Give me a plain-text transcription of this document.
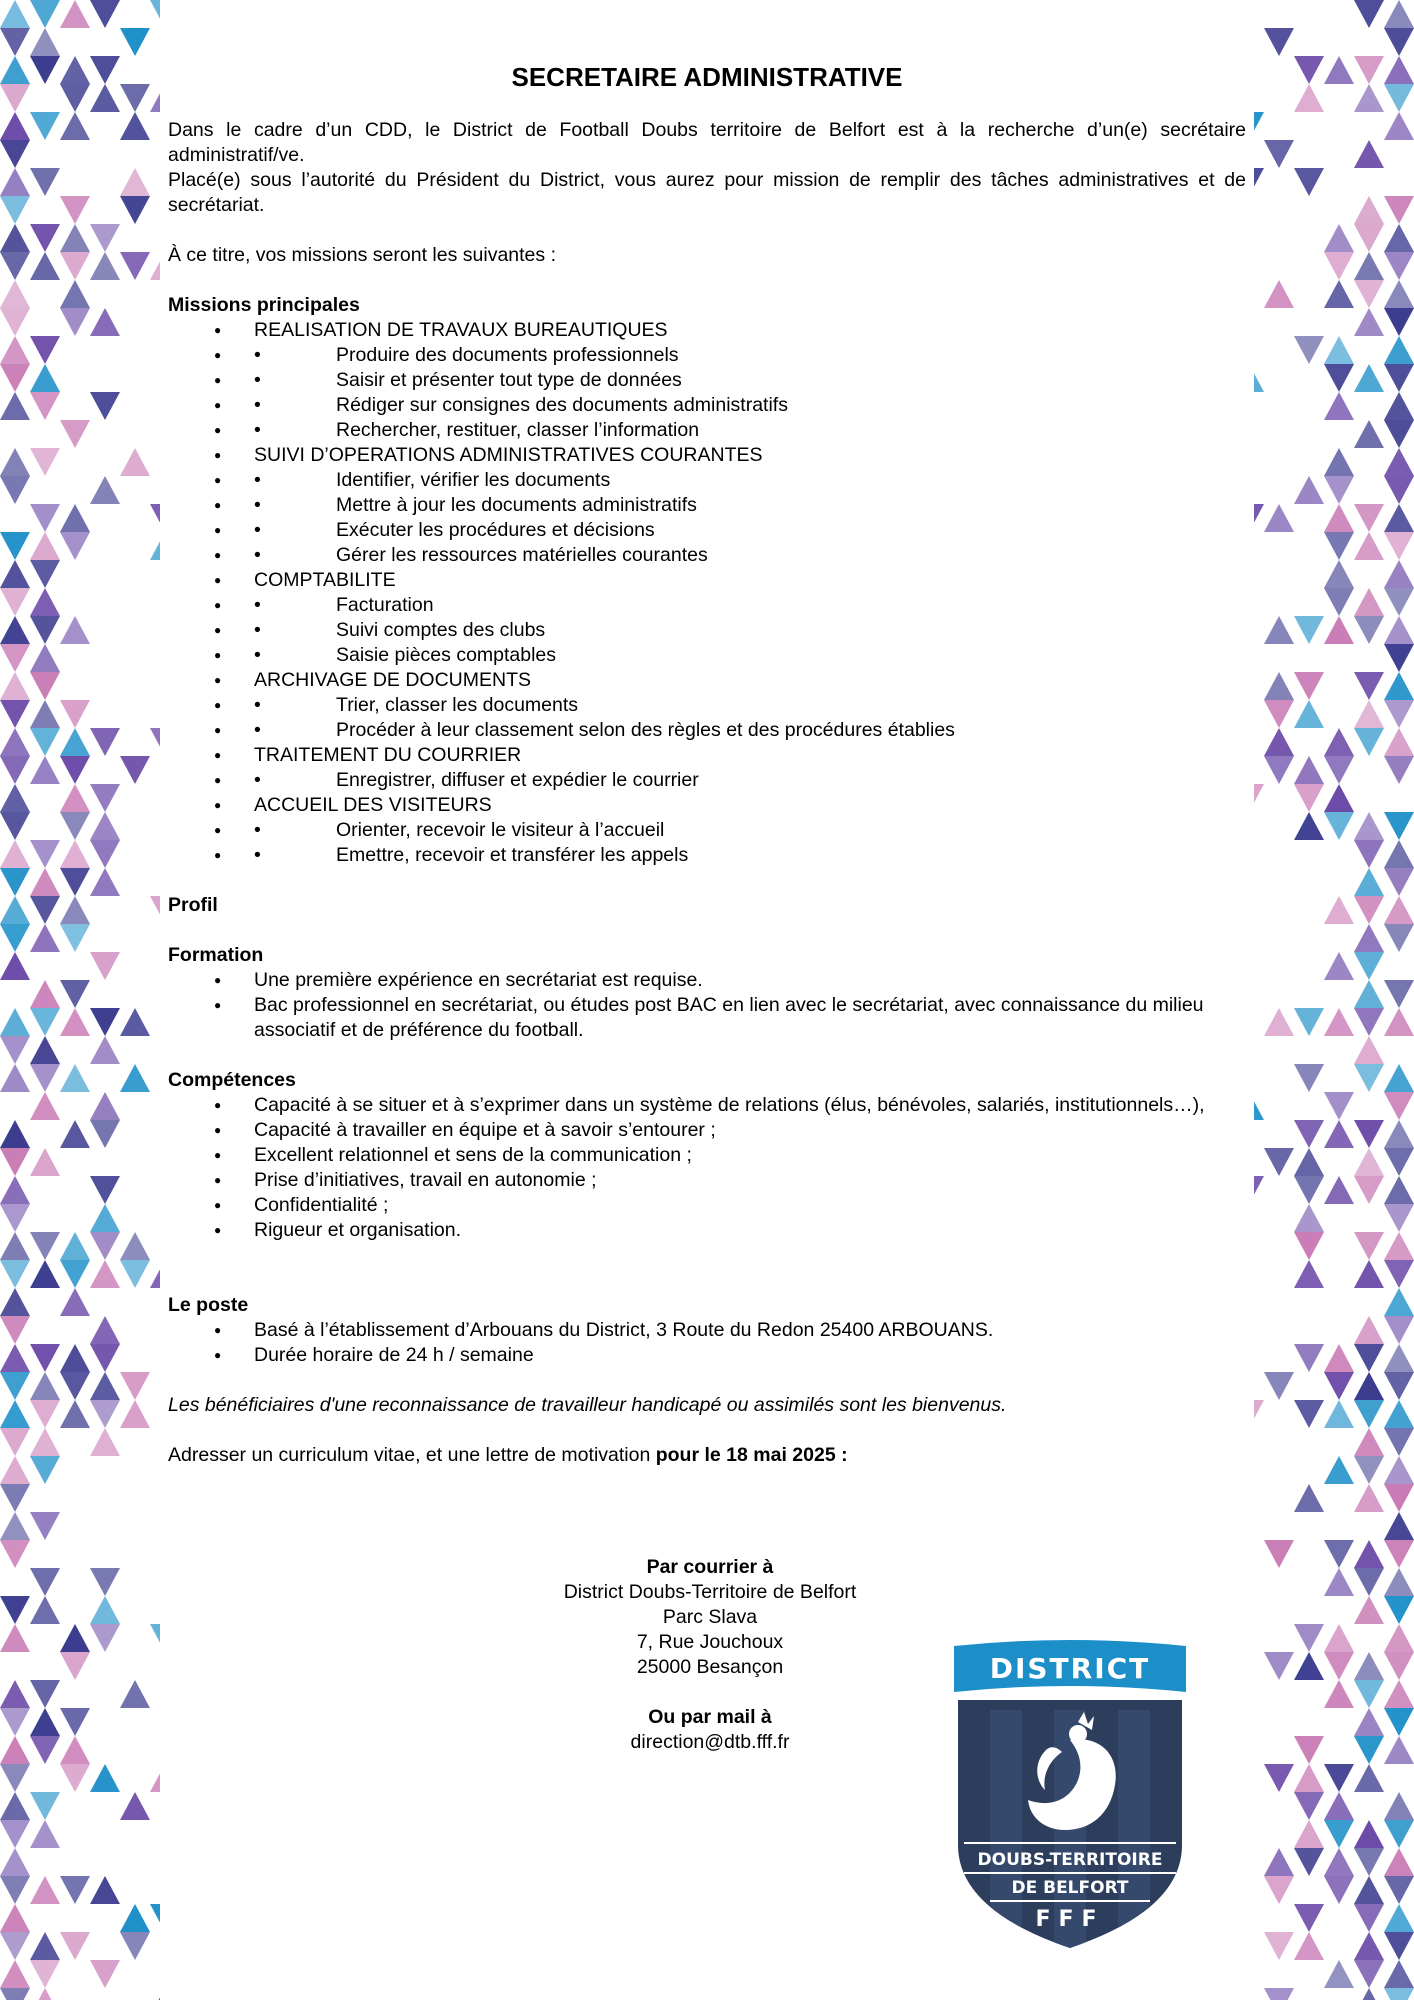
SECRETAIRE ADMINISTRATIVE

Dans le cadre d’un CDD, le District de Football Doubs territoire de Belfort est à la recherche d’un(e) secrétaire administratif/ve.

Placé(e) sous l’autorité du Président du District, vous aurez pour mission de remplir des tâches administratives et de secrétariat.

À ce titre, vos missions seront les suivantes :

Missions principales

● REALISATION DE TRAVAUX BUREAUTIQUES
● •	Produire des documents professionnels
● •	Saisir et présenter tout type de données
● •	Rédiger sur consignes des documents administratifs
● •	Rechercher, restituer, classer l’information
● SUIVI D’OPERATIONS ADMINISTRATIVES COURANTES
● •	Identifier, vérifier les documents
● •	Mettre à jour les documents administratifs
● •	Exécuter les procédures et décisions
● •	Gérer les ressources matérielles courantes
● COMPTABILITE
● •	Facturation
● •	Suivi comptes des clubs
● •	Saisie pièces comptables
● ARCHIVAGE DE DOCUMENTS
● •	Trier, classer les documents
● •	Procéder à leur classement selon des règles et des procédures établies
● TRAITEMENT DU COURRIER
● •	Enregistrer, diffuser et expédier le courrier
● ACCUEIL DES VISITEURS
● •	Orienter, recevoir le visiteur à l’accueil
● •	Emettre, recevoir et transférer les appels

Profil

Formation

● Une première expérience en secrétariat est requise.
● Bac professionnel en secrétariat, ou études post BAC en lien avec le secrétariat, avec connaissance du milieu associatif et de préférence du football.

Compétences

● Capacité à se situer et à s’exprimer dans un système de relations (élus, bénévoles, salariés, institutionnels…),
● Capacité à travailler en équipe et à savoir s’entourer ;
● Excellent relationnel et sens de la communication ;
● Prise d’initiatives, travail en autonomie ;
● Confidentialité ;
● Rigueur et organisation.

Le poste

● Basé à l’établissement d’Arbouans du District, 3 Route du Redon 25400 ARBOUANS.
● Durée horaire de 24 h / semaine

Les bénéficiaires d'une reconnaissance de travailleur handicapé ou assimilés sont les bienvenus.

Adresser un curriculum vitae, et une lettre de motivation pour le 18 mai 2025 :

Par courrier à
District Doubs-Territoire de Belfort
Parc Slava
7, Rue Jouchoux
25000 Besançon
Ou par mail à
direction@dtb.fff.fr
DISTRICT
DOUBS-TERRITOIRE
DE BELFORT
FFF
